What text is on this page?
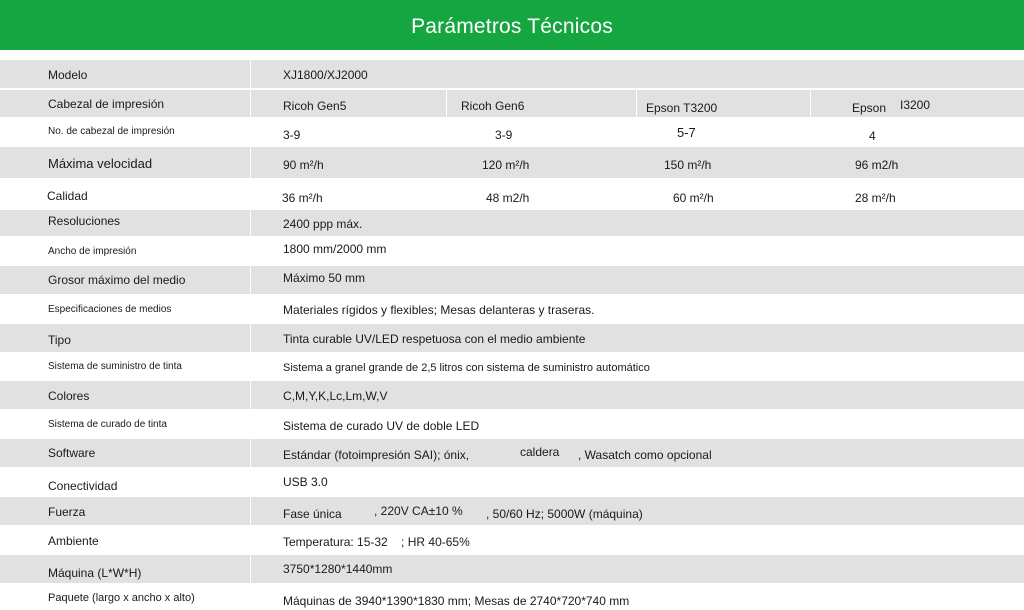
Parámetros Técnicos
Modelo	XJ1800/XJ2000
Cabezal de impresión	Ricoh Gen5	Ricoh Gen6	Epson T3200	Epson I3200
No. de cabezal de impresión	3-9	3-9	5-7	4
Máxima velocidad	90 m²/h	120 m²/h	150 m²/h	96 m2/h
Calidad	36 m²/h	48 m2/h	60 m²/h	28 m²/h
Resoluciones	2400 ppp máx.
Ancho de impresión	1800 mm/2000 mm
Grosor máximo del medio	Máximo 50 mm
Especificaciones de medios	Materiales rígidos y flexibles; Mesas delanteras y traseras.
Tipo	Tinta curable UV/LED respetuosa con el medio ambiente
Sistema de suministro de tinta	Sistema a granel grande de 2,5 litros con sistema de suministro automático
Colores	C,M,Y,K,Lc,Lm,W,V
Sistema de curado de tinta	Sistema de curado UV de doble LED
Software	Estándar (fotoimpresión SAI); ónix,	caldera , Wasatch como opcional
Conectividad	USB 3.0
Fuerza	Fase única	, 220V CA±10 % , 50/60 Hz; 5000W (máquina)
Ambiente	Temperatura: 15-32    ; HR 40-65%
Máquina (L*W*H)	3750*1280*1440mm
Paquete (largo x ancho x alto)	Máquinas de 3940*1390*1830 mm; Mesas de 2740*720*740 mm
